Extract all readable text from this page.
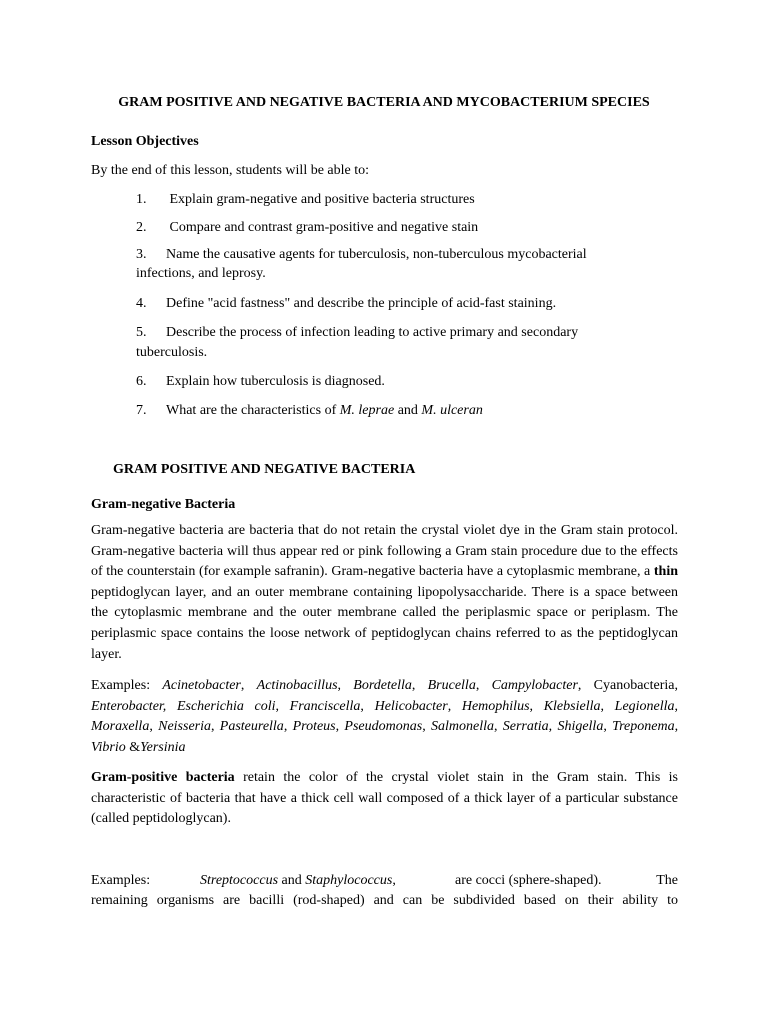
GRAM POSITIVE AND NEGATIVE BACTERIA AND MYCOBACTERIUM SPECIES
Lesson Objectives
By the end of this lesson, students will be able to:
1. Explain gram-negative and positive bacteria structures
2. Compare and contrast gram-positive and negative stain
3. Name the causative agents for tuberculosis, non-tuberculous mycobacterial
infections, and leprosy.
4. Define "acid fastness" and describe the principle of acid-fast staining.
5. Describe the process of infection leading to active primary and secondary
tuberculosis.
6. Explain how tuberculosis is diagnosed.
7. What are the characteristics of M. leprae and M. ulceran
GRAM POSITIVE AND NEGATIVE BACTERIA
Gram-negative Bacteria
Gram-negative bacteria are bacteria that do not retain the crystal violet dye in the Gram stain protocol. Gram-negative bacteria will thus appear red or pink following a Gram stain procedure due to the effects of the counterstain (for example safranin). Gram-negative bacteria have a cytoplasmic membrane, a thin peptidoglycan layer, and an outer membrane containing lipopolysaccharide. There is a space between the cytoplasmic membrane and the outer membrane called the periplasmic space or periplasm. The periplasmic space contains the loose network of peptidoglycan chains referred to as the peptidoglycan layer.
Examples: Acinetobacter, Actinobacillus, Bordetella, Brucella, Campylobacter, Cyanobacteria, Enterobacter, Escherichia coli, Franciscella, Helicobacter, Hemophilus, Klebsiella, Legionella, Moraxella, Neisseria, Pasteurella, Proteus, Pseudomonas, Salmonella, Serratia, Shigella, Treponema, Vibrio &Yersinia
Gram-positive bacteria retain the color of the crystal violet stain in the Gram stain. This is characteristic of bacteria that have a thick cell wall composed of a thick layer of a particular substance (called peptidologlycan).
Examples:	Streptococcus and Staphylococcus,	are cocci (sphere-shaped).	The
remaining organisms are bacilli (rod-shaped) and can be subdivided based on their ability to
